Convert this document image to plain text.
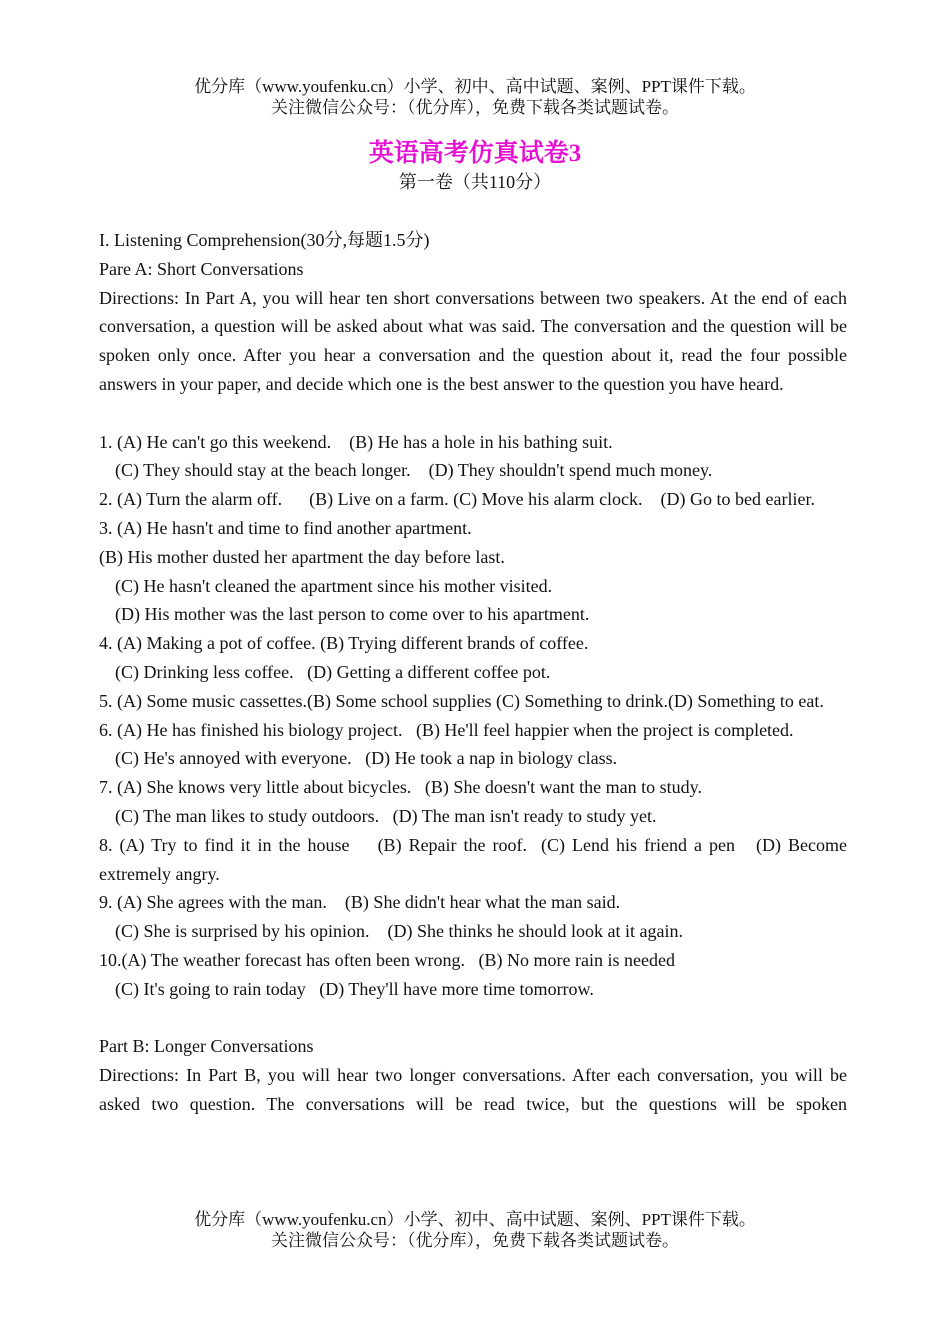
优分库（www.youfenku.cn）小学、初中、高中试题、案例、PPT课件下载。
关注微信公众号：（优分库），免费下载各类试题试卷。
英语高考仿真试卷3
第一卷（共110分）

I. Listening Comprehension(30分,每题1.5分)

Pare A: Short Conversations

Directions: In Part A, you will hear ten short conversations between two speakers. At the end of each conversation, a question will be asked about what was said. The conversation and the question will be spoken only once. After you hear a conversation and the question about it, read the four possible answers in your paper, and decide which one is the best answer to the question you have heard.

1. (A) He can't go this weekend.    (B) He has a hole in his bathing suit.

(C) They should stay at the beach longer.    (D) They shouldn't spend much money.

2. (A) Turn the alarm off.      (B) Live on a farm. (C) Move his alarm clock.    (D) Go to bed earlier.

3. (A) He hasn't and time to find another apartment.

(B) His mother dusted her apartment the day before last.

(C) He hasn't cleaned the apartment since his mother visited.

(D) His mother was the last person to come over to his apartment.

4. (A) Making a pot of coffee. (B) Trying different brands of coffee.

(C) Drinking less coffee.   (D) Getting a different coffee pot.

5. (A) Some music cassettes.(B) Some school supplies (C) Something to drink.(D) Something to eat.

6. (A) He has finished his biology project.   (B) He'll feel happier when the project is completed.

(C) He's annoyed with everyone.   (D) He took a nap in biology class.

7. (A) She knows very little about bicycles.   (B) She doesn't want the man to study.

(C) The man likes to study outdoors.   (D) The man isn't ready to study yet.

8. (A) Try to find it in the house    (B) Repair the roof.  (C) Lend his friend a pen   (D) Become extremely angry.

9. (A) She agrees with the man.    (B) She didn't hear what the man said.

(C) She is surprised by his opinion.    (D) She thinks he should look at it again.

10.(A) The weather forecast has often been wrong.   (B) No more rain is needed

(C) It's going to rain today   (D) They'll have more time tomorrow.

Part B: Longer Conversations

Directions: In Part B, you will hear two longer conversations. After each conversation, you will be asked two question. The conversations will be read twice, but the questions will be spoken

优分库（www.youfenku.cn）小学、初中、高中试题、案例、PPT课件下载。
关注微信公众号：（优分库），免费下载各类试题试卷。
